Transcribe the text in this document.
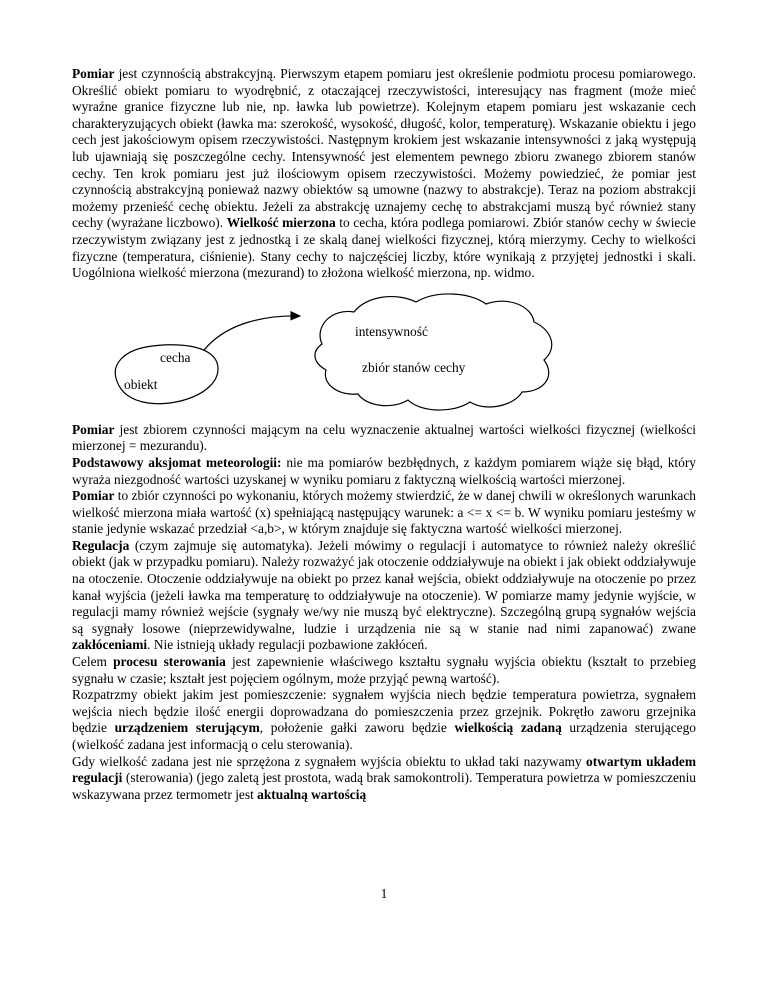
Pomiar jest czynnością abstrakcyjną. Pierwszym etapem pomiaru jest określenie podmiotu procesu pomiarowego. Określić obiekt pomiaru to wyodrębnić, z otaczającej rzeczywistości, interesujący nas fragment (może mieć wyraźne granice fizyczne lub nie, np. ławka lub powietrze). Kolejnym etapem pomiaru jest wskazanie cech charakteryzujących obiekt (ławka ma: szerokość, wysokość, długość, kolor, temperaturę). Wskazanie obiektu i jego cech jest jakościowym opisem rzeczywistości. Następnym krokiem jest wskazanie intensywności z jaką występują lub ujawniają się poszczególne cechy. Intensywność jest elementem pewnego zbioru zwanego zbiorem stanów cechy. Ten krok pomiaru jest już ilościowym opisem rzeczywistości. Możemy powiedzieć, że pomiar jest czynnością abstrakcyjną ponieważ nazwy obiektów są umowne (nazwy to abstrakcje). Teraz na poziom abstrakcji możemy przenieść cechę obiektu. Jeżeli za abstrakcję uznajemy cechę to abstrakcjami muszą być również stany cechy (wyrażane liczbowo). Wielkość mierzona to cecha, która podlega pomiarowi. Zbiór stanów cechy w świecie rzeczywistym związany jest z jednostką i ze skalą danej wielkości fizycznej, którą mierzymy. Cechy to wielkości fizyczne (temperatura, ciśnienie). Stany cechy to najczęściej liczby, które wynikają z przyjętej jednostki i skali. Uogólniona wielkość mierzona (mezurand) to złożona wielkość mierzona, np. widmo.

cecha
obiekt
intensywność
zbiór stanów cechy

Pomiar jest zbiorem czynności mającym na celu wyznaczenie aktualnej wartości wielkości fizycznej (wielkości mierzonej = mezurandu).

Podstawowy aksjomat meteorologii: nie ma pomiarów bezbłędnych, z każdym pomiarem wiąże się błąd, który wyraża niezgodność wartości uzyskanej w wyniku pomiaru z faktyczną wielkością wartości mierzonej.

Pomiar to zbiór czynności po wykonaniu, których możemy stwierdzić, że w danej chwili w określonych warunkach wielkość mierzona miała wartość (x) spełniającą następujący warunek: a <= x <= b. W wyniku pomiaru jesteśmy w stanie jedynie wskazać przedział <a,b>, w którym znajduje się faktyczna wartość wielkości mierzonej.

Regulacja (czym zajmuje się automatyka). Jeżeli mówimy o regulacji i automatyce to również należy określić obiekt (jak w przypadku pomiaru). Należy rozważyć jak otoczenie oddziaływuje na obiekt i jak obiekt oddziaływuje na otoczenie. Otoczenie oddziaływuje na obiekt po przez kanał wejścia, obiekt oddziaływuje na otoczenie po przez kanał wyjścia (jeżeli ławka ma temperaturę to oddziaływuje na otoczenie). W pomiarze mamy jedynie wyjście, w regulacji mamy również wejście (sygnały we/wy nie muszą być elektryczne). Szczególną grupą sygnałów wejścia są sygnały losowe (nieprzewidywalne, ludzie i urządzenia nie są w stanie nad nimi zapanować) zwane zakłóceniami. Nie istnieją układy regulacji pozbawione zakłóceń.

Celem procesu sterowania jest zapewnienie właściwego kształtu sygnału wyjścia obiektu (kształt to przebieg sygnału w czasie; kształt jest pojęciem ogólnym, może przyjąć pewną wartość).

Rozpatrzmy obiekt jakim jest pomieszczenie: sygnałem wyjścia niech będzie temperatura powietrza, sygnałem wejścia niech będzie ilość energii doprowadzana do pomieszczenia przez grzejnik. Pokrętło zaworu grzejnika będzie urządzeniem sterującym, położenie gałki zaworu będzie wielkością zadaną urządzenia sterującego (wielkość zadana jest informacją o celu sterowania).

Gdy wielkość zadana jest nie sprzężona z sygnałem wyjścia obiektu to układ taki nazywamy otwartym układem regulacji (sterowania) (jego zaletą jest prostota, wadą brak samokontroli). Temperatura powietrza w pomieszczeniu wskazywana przez termometr jest aktualną wartością

1
